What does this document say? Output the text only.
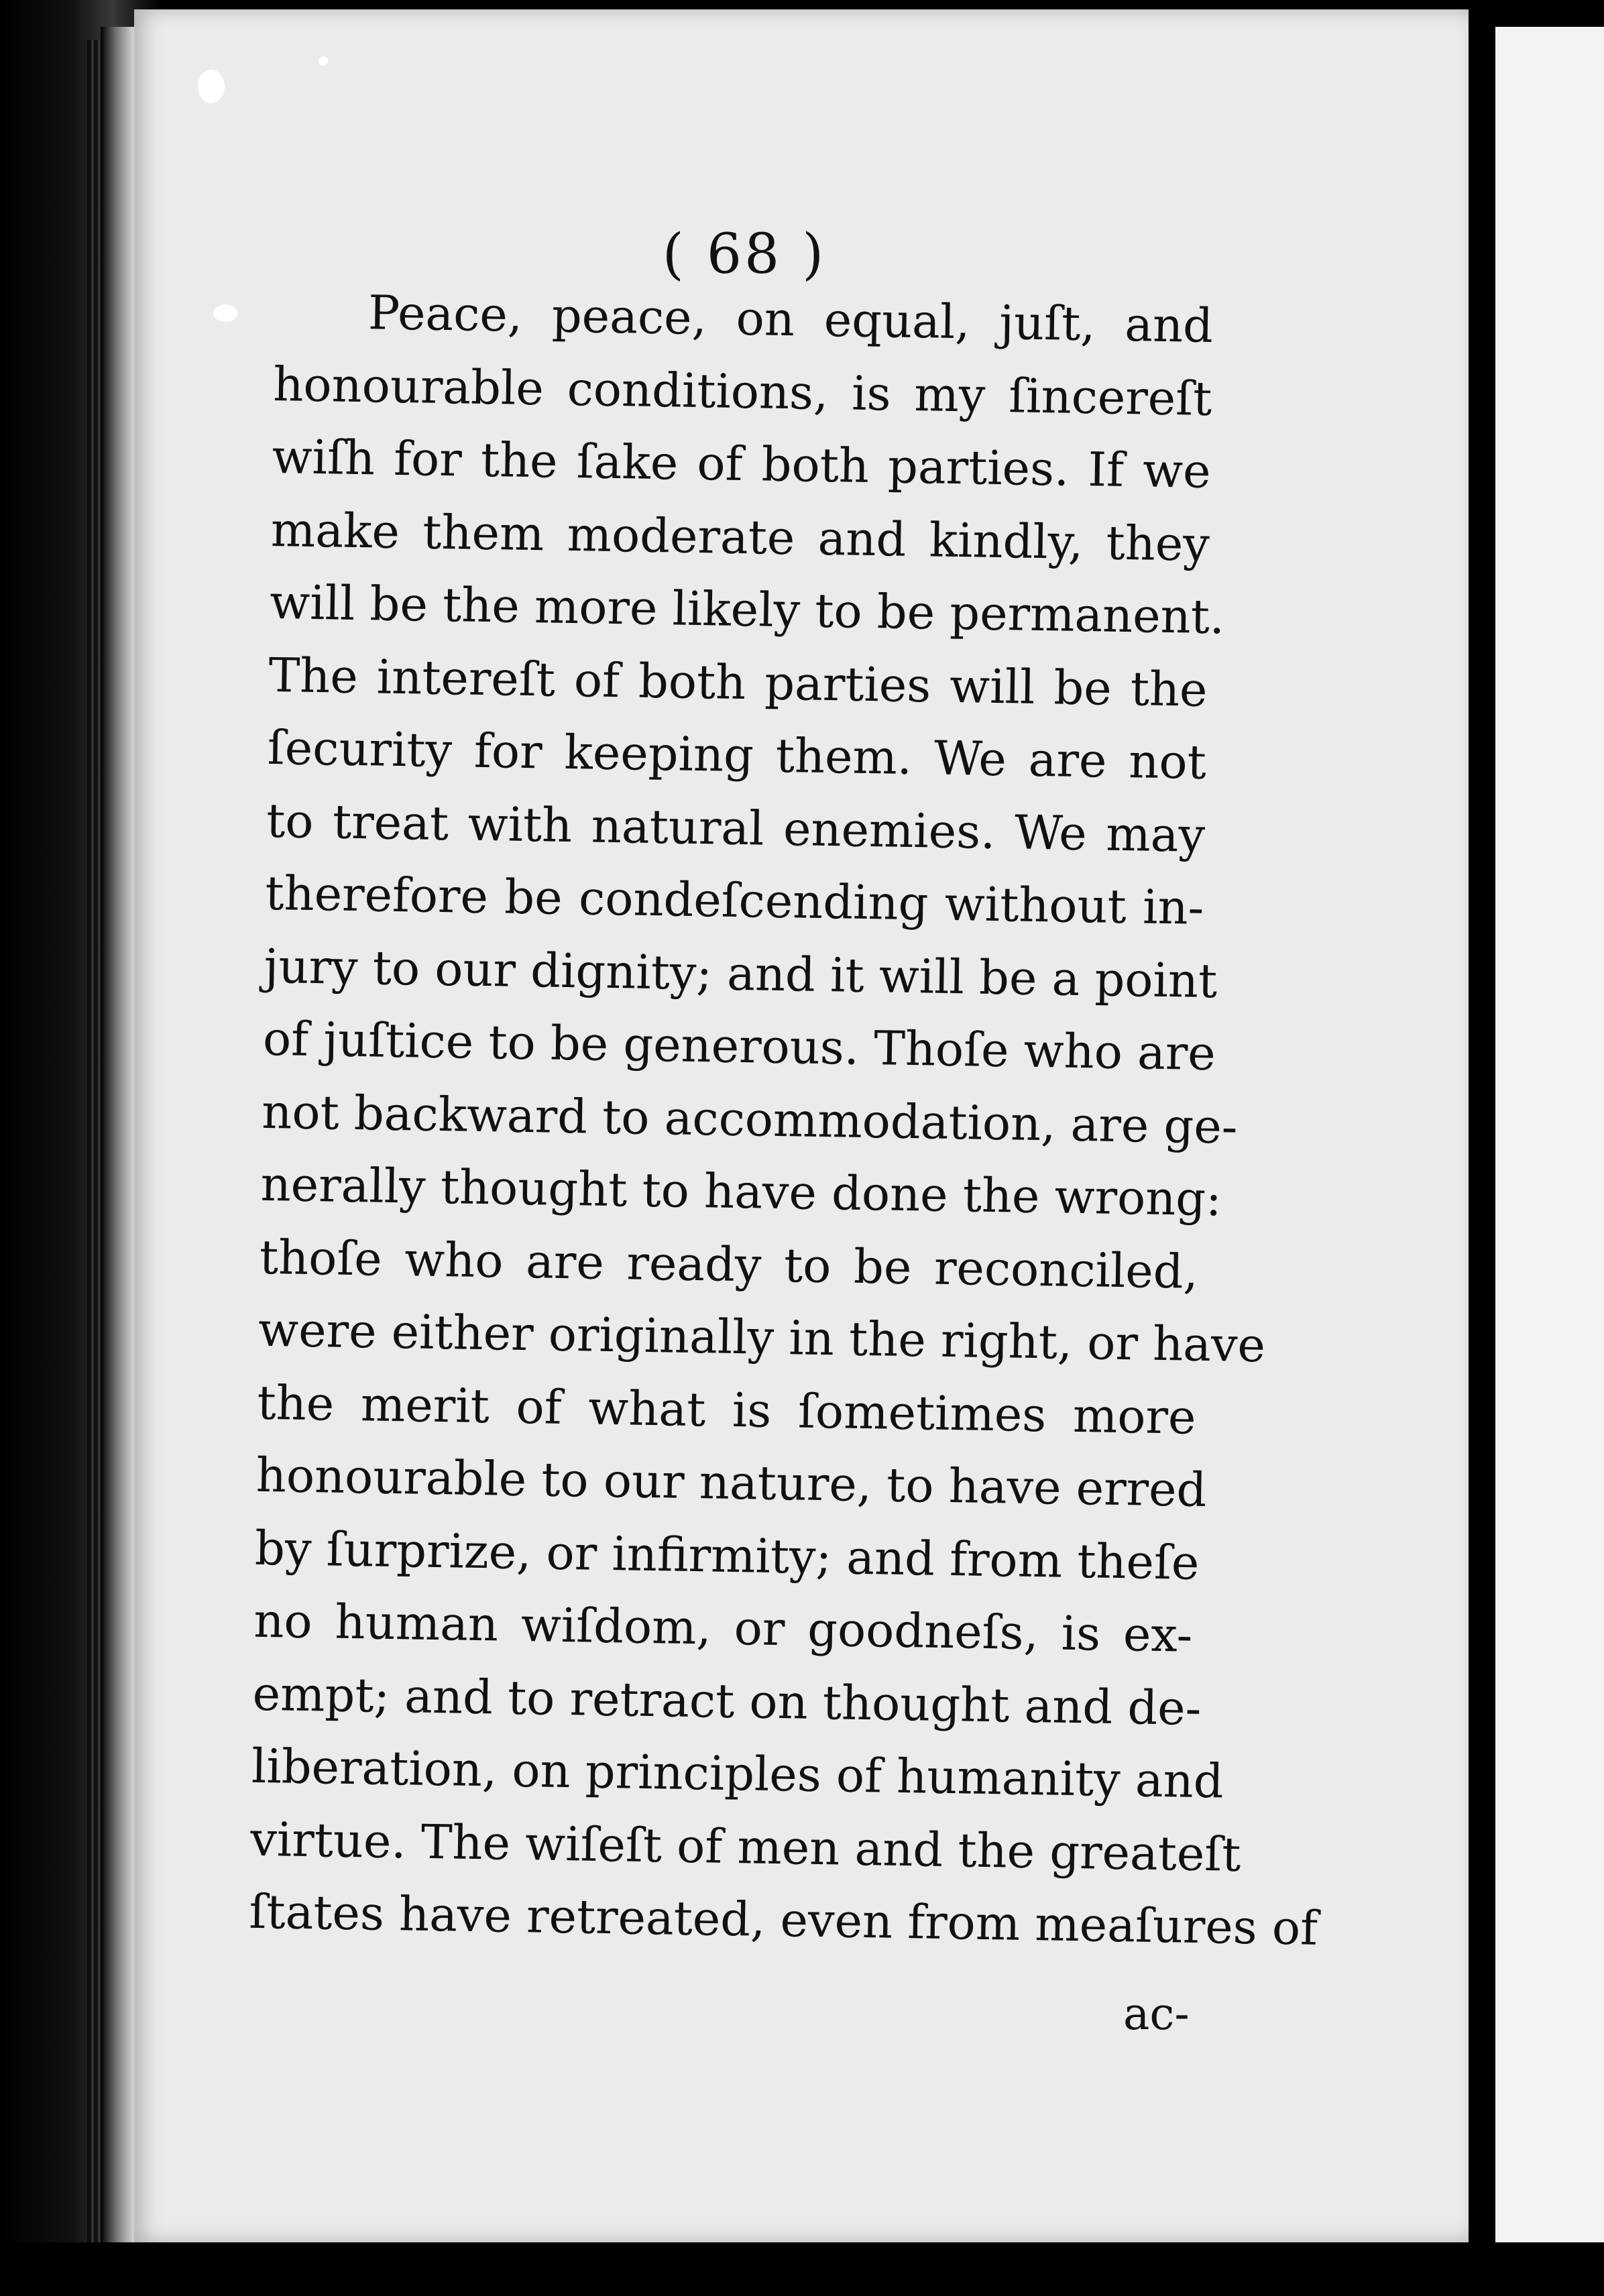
( 68 )
Peace, peace, on equal, juſt, and
honourable conditions, is my ſincereſt
wiſh for the ſake of both parties. If we
make them moderate and kindly, they
will be the more likely to be permanent.
The intereſt of both parties will be the
ſecurity for keeping them. We are not
to treat with natural enemies. We may
therefore be condeſcending without in-
jury to our dignity; and it will be a point
of juſtice to be generous. Thoſe who are
not backward to accommodation, are ge-
nerally thought to have done the wrong:
thoſe who are ready to be reconciled,
were either originally in the right, or have
the merit of what is ſometimes more
honourable to our nature, to have erred
by ſurprize, or infirmity; and from theſe
no human wiſdom, or goodneſs, is ex-
empt; and to retract on thought and de-
liberation, on principles of humanity and
virtue. The wiſeſt of men and the greateſt
ſtates have retreated, even from meaſures of
ac-
